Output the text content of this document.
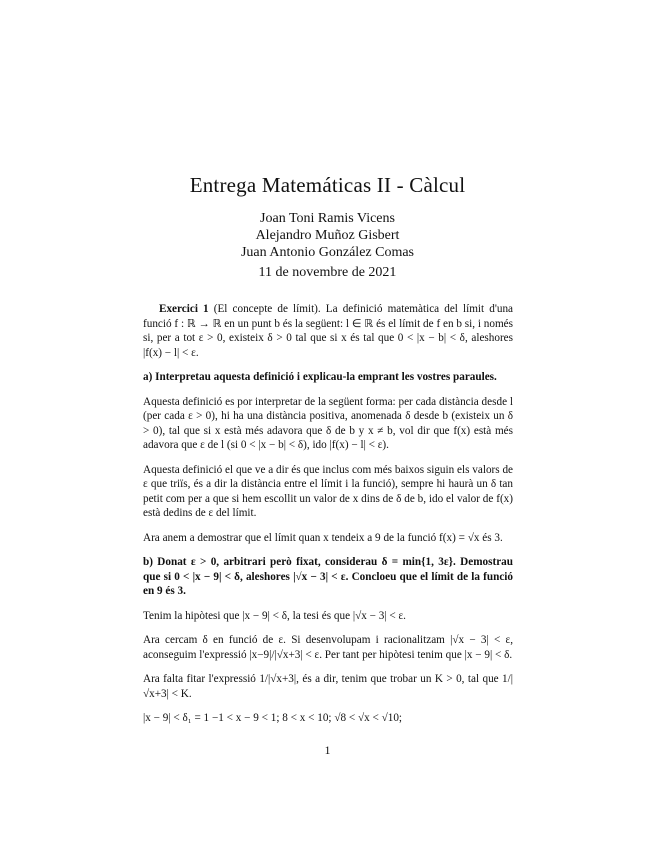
Entrega Matemáticas II - Càlcul
Joan Toni Ramis Vicens
Alejandro Muñoz Gisbert
Juan Antonio González Comas
11 de novembre de 2021

Exercici 1 (El concepte de límit). La definició matemàtica del límit d'una funció f : ℝ → ℝ en un punt b és la següent: l ∈ ℝ és el límit de f en b si, i només si, per a tot ε > 0, existeix δ > 0 tal que si x és tal que 0 < |x − b| < δ, aleshores |f(x) − l| < ε.

a) Interpretau aquesta definició i explicau-la emprant les vostres paraules.

Aquesta definició es por interpretar de la següent forma: per cada distància desde l (per cada ε > 0), hi ha una distància positiva, anomenada δ desde b (existeix un δ > 0), tal que si x està més adavora que δ de b y x ≠ b, vol dir que f(x) està més adavora que ε de l (si 0 < |x − b| < δ), ido |f(x) − l| < ε).

Aquesta definició el que ve a dir és que inclus com més baixos siguin els valors de ε que triïs, és a dir la distància entre el límit i la funció), sempre hi haurà un δ tan petit com per a que si hem escollit un valor de x dins de δ de b, ido el valor de f(x) està dedins de ε del límit.

Ara anem a demostrar que el límit quan x tendeix a 9 de la funció f(x) = √x és 3.

b) Donat ε > 0, arbitrari però fixat, considerau δ = min{1, 3ε}. Demostrau que si 0 < |x − 9| < δ, aleshores |√x − 3| < ε. Concloeu que el límit de la funció en 9 és 3.

Tenim la hipòtesi que |x − 9| < δ, la tesi és que |√x − 3| < ε.

Ara cercam δ en funció de ε. Si desenvolupam i racionalitzam |√x − 3| < ε, aconseguim l'expressió |x−9|/|√x+3| < ε. Per tant per hipòtesi tenim que |x − 9| < δ.

Ara falta fitar l'expressió 1/|√x+3|, és a dir, tenim que trobar un K > 0, tal que 1/|√x+3| < K.

|x − 9| < δ₁ = 1 −1 < x − 9 < 1; 8 < x < 10; √8 < √x < √10;

1
